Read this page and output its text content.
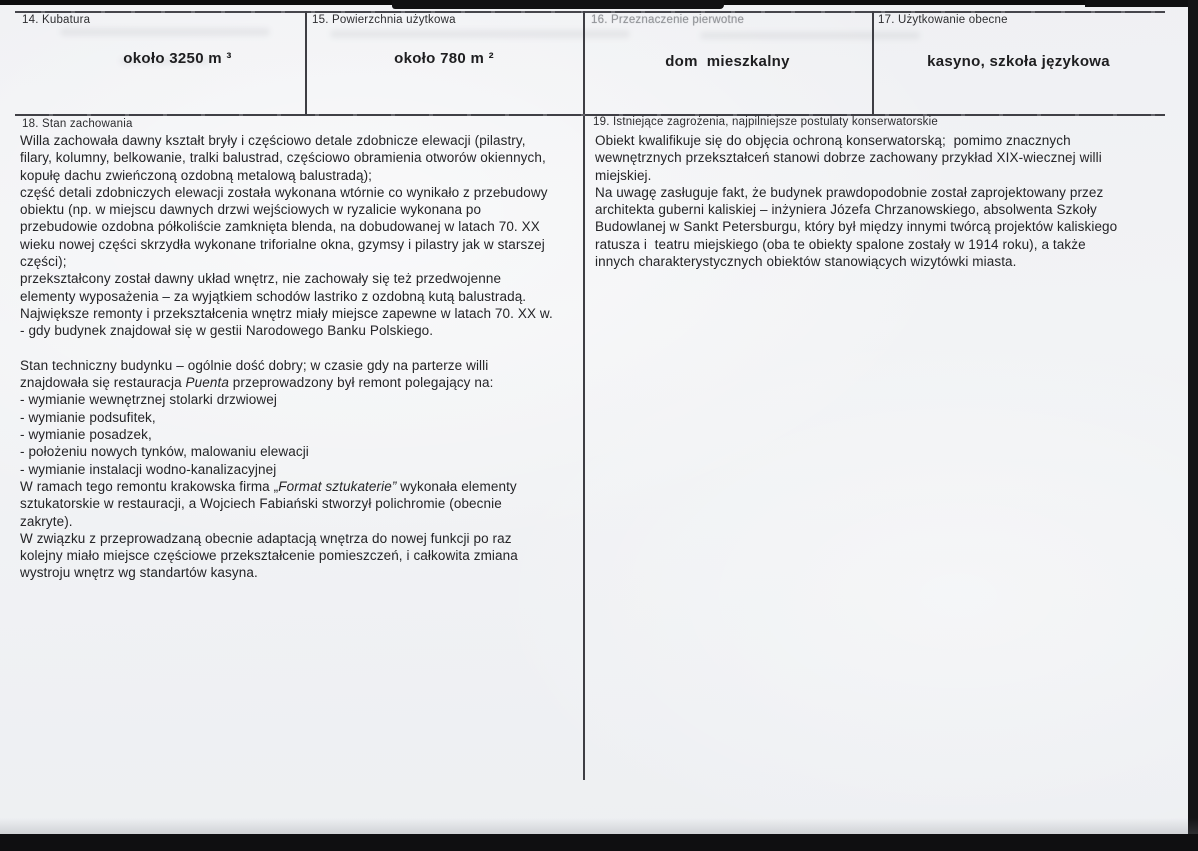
14. Kubatura
około 3250 m ³
15. Powierzchnia użytkowa
około 780 m ²
16. Przeznaczenie pierwotne
dom  mieszkalny
17. Użytkowanie obecne
kasyno, szkoła językowa
18. Stan zachowania
Willa zachowała dawny kształt bryły i częściowo detale zdobnicze elewacji (pilastry,
filary, kolumny, belkowanie, tralki balustrad, częściowo obramienia otworów okiennych,
kopułę dachu zwieńczoną ozdobną metalową balustradą);
część detali zdobniczych elewacji została wykonana wtórnie co wynikało z przebudowy
obiektu (np. w miejscu dawnych drzwi wejściowych w ryzalicie wykonana po
przebudowie ozdobna półkoliście zamknięta blenda, na dobudowanej w latach 70. XX
wieku nowej części skrzydła wykonane triforialne okna, gzymsy i pilastry jak w starszej
części);
przekształcony został dawny układ wnętrz, nie zachowały się też przedwojenne
elementy wyposażenia – za wyjątkiem schodów lastriko z ozdobną kutą balustradą.
Największe remonty i przekształcenia wnętrz miały miejsce zapewne w latach 70. XX w.
- gdy budynek znajdował się w gestii Narodowego Banku Polskiego.

Stan techniczny budynku – ogólnie dość dobry; w czasie gdy na parterze willi
znajdowała się restauracja Puenta przeprowadzony był remont polegający na:
- wymianie wewnętrznej stolarki drzwiowej
- wymianie podsufitek,
- wymianie posadzek,
- położeniu nowych tynków, malowaniu elewacji
- wymianie instalacji wodno-kanalizacyjnej
W ramach tego remontu krakowska firma „Format sztukaterie” wykonała elementy
sztukatorskie w restauracji, a Wojciech Fabiański stworzył polichromie (obecnie
zakryte).
W związku z przeprowadzaną obecnie adaptacją wnętrza do nowej funkcji po raz
kolejny miało miejsce częściowe przekształcenie pomieszczeń, i całkowita zmiana
wystroju wnętrz wg standartów kasyna.
19. Istniejące zagrożenia, najpilniejsze postulaty konserwatorskie
Obiekt kwalifikuje się do objęcia ochroną konserwatorską;  pomimo znacznych
wewnętrznych przekształceń stanowi dobrze zachowany przykład XIX-wiecznej willi
miejskiej.
Na uwagę zasługuje fakt, że budynek prawdopodobnie został zaprojektowany przez
architekta guberni kaliskiej – inżyniera Józefa Chrzanowskiego, absolwenta Szkoły
Budowlanej w Sankt Petersburgu, który był między innymi twórcą projektów kaliskiego
ratusza i  teatru miejskiego (oba te obiekty spalone zostały w 1914 roku), a także
innych charakterystycznych obiektów stanowiących wizytówki miasta.
